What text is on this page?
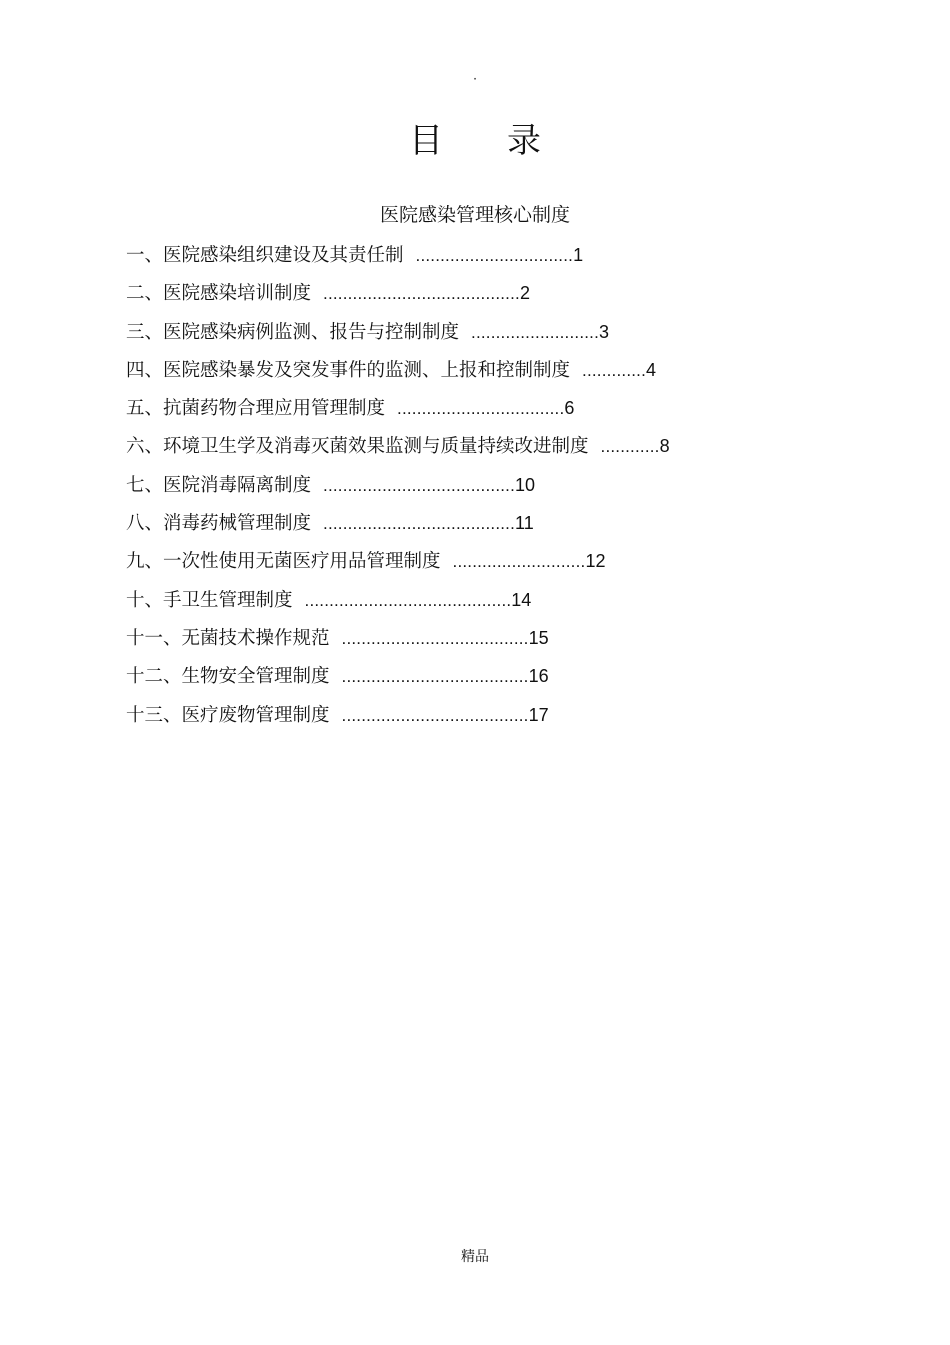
·
目录
医院感染管理核心制度
一、医院感染组织建设及其责任制 ................................1
二、医院感染培训制度 ........................................2
三、医院感染病例监测、报告与控制制度 ..........................3
四、医院感染暴发及突发事件的监测、上报和控制制度 .............4
五、抗菌药物合理应用管理制度 ..................................6
六、环境卫生学及消毒灭菌效果监测与质量持续改进制度 ............8
七、医院消毒隔离制度 .......................................10
八、消毒药械管理制度 .......................................11
九、一次性使用无菌医疗用品管理制度 ...........................12
十、手卫生管理制度 ..........................................14
十一、无菌技术操作规范 ......................................15
十二、生物安全管理制度 ......................................16
十三、医疗废物管理制度 ......................................17
精品
